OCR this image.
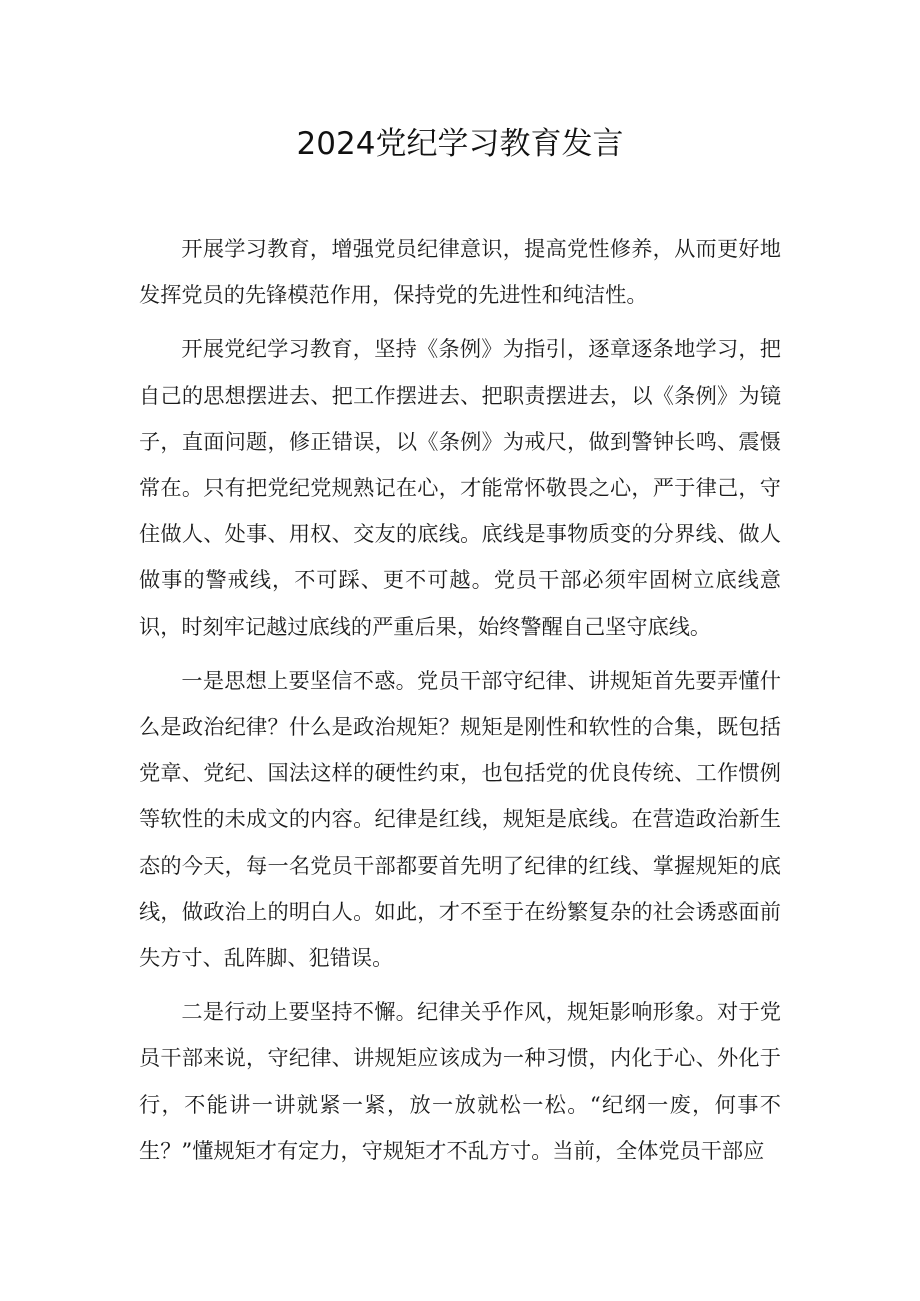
2024党纪学习教育发言

开展学习教育，增强党员纪律意识，提高党性修养，从而更好地发挥党员的先锋模范作用，保持党的先进性和纯洁性。

开展党纪学习教育，坚持《条例》为指引，逐章逐条地学习，把自己的思想摆进去、把工作摆进去、把职责摆进去，以《条例》为镜子，直面问题，修正错误，以《条例》为戒尺，做到警钟长鸣、震慑常在。只有把党纪党规熟记在心，才能常怀敬畏之心，严于律己，守住做人、处事、用权、交友的底线。底线是事物质变的分界线、做人做事的警戒线，不可踩、更不可越。党员干部必须牢固树立底线意识，时刻牢记越过底线的严重后果，始终警醒自己坚守底线。

一是思想上要坚信不惑。党员干部守纪律、讲规矩首先要弄懂什么是政治纪律？什么是政治规矩？规矩是刚性和软性的合集，既包括党章、党纪、国法这样的硬性约束，也包括党的优良传统、工作惯例等软性的未成文的内容。纪律是红线，规矩是底线。在营造政治新生态的今天，每一名党员干部都要首先明了纪律的红线、掌握规矩的底线，做政治上的明白人。如此，才不至于在纷繁复杂的社会诱惑面前失方寸、乱阵脚、犯错误。

二是行动上要坚持不懈。纪律关乎作风，规矩影响形象。对于党员干部来说，守纪律、讲规矩应该成为一种习惯，内化于心、外化于行，不能讲一讲就紧一紧，放一放就松一松。“纪纲一废，何事不生？”懂规矩才有定力，守规矩才不乱方寸。当前，全体党员干部应
